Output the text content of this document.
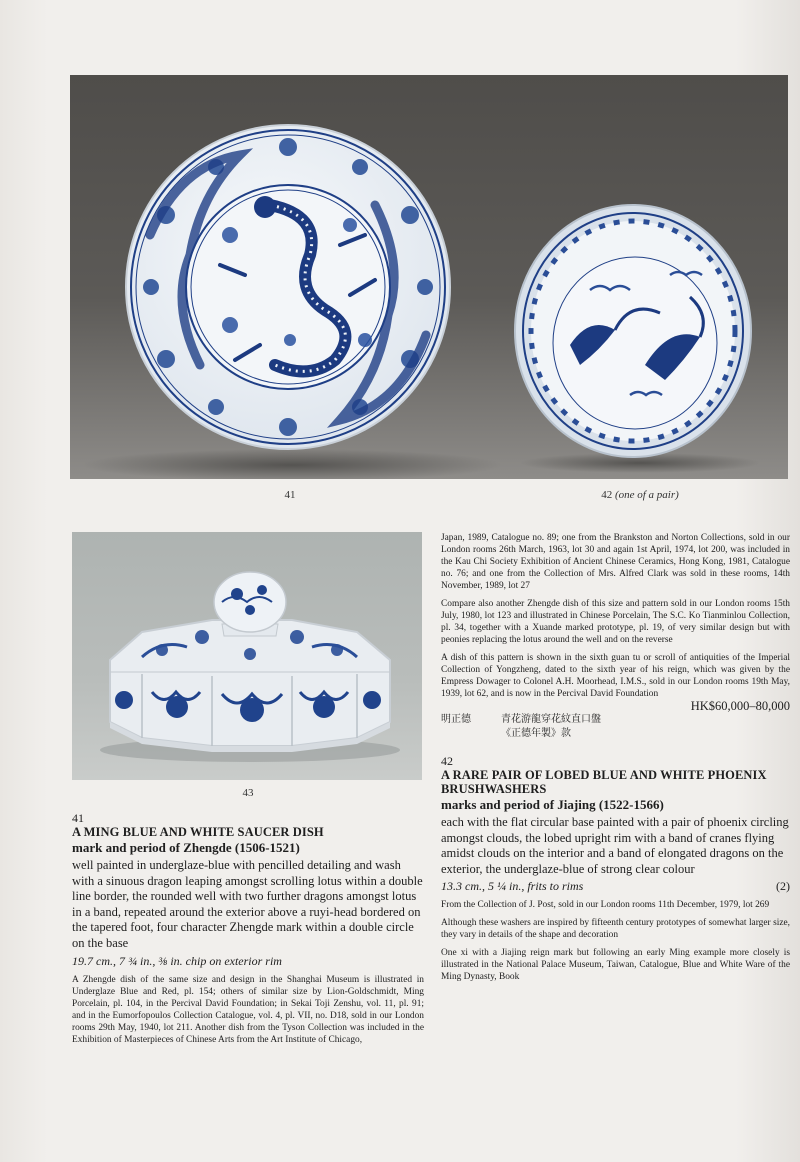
41	42 (one of a pair)
43
41
A MING BLUE AND WHITE SAUCER DISH
mark and period of Zhengde (1506-1521)
well painted in underglaze-blue with pencilled detailing and wash with a sinuous dragon leaping amongst scrolling lotus within a double line border, the rounded well with two further dragons amongst lotus in a band, repeated around the exterior above a ruyi-head bordered on the tapered foot, four character Zhengde mark within a double circle on the base
19.7 cm., 7 ¾ in., ⅜ in. chip on exterior rim
A Zhengde dish of the same size and design in the Shanghai Museum is illustrated in Underglaze Blue and Red, pl. 154; others of similar size by Lion-Goldschmidt, Ming Porcelain, pl. 104, in the Percival David Foundation; in Sekai Toji Zenshu, vol. 11, pl. 91; and in the Eumorfopoulos Collection Catalogue, vol. 4, pl. VII, no. D18, sold in our London rooms 29th May, 1940, lot 211. Another dish from the Tyson Collection was included in the Exhibition of Masterpieces of Chinese Arts from the Art Institute of Chicago,
Japan, 1989, Catalogue no. 89; one from the Brankston and Norton Collections, sold in our London rooms 26th March, 1963, lot 30 and again 1st April, 1974, lot 200, was included in the Kau Chi Society Exhibition of Ancient Chinese Ceramics, Hong Kong, 1981, Catalogue no. 76; and one from the Collection of Mrs. Alfred Clark was sold in these rooms, 14th November, 1989, lot 27
Compare also another Zhengde dish of this size and pattern sold in our London rooms 15th July, 1980, lot 123 and illustrated in Chinese Porcelain, The S.C. Ko Tianminlou Collection, pl. 34, together with a Xuande marked prototype, pl. 19, of very similar design but with peonies replacing the lotus around the well and on the reverse
A dish of this pattern is shown in the sixth guan tu or scroll of antiquities of the Imperial Collection of Yongzheng, dated to the sixth year of his reign, which was given by the Empress Dowager to Colonel A.H. Moorhead, I.M.S., sold in our London rooms 19th May, 1939, lot 62, and is now in the Percival David Foundation
HK$60,000–80,000
明正德	青花游龍穿花紋直口盤
《正德年製》款
42
A RARE PAIR OF LOBED BLUE AND WHITE PHOENIX BRUSHWASHERS
marks and period of Jiajing (1522-1566)
each with the flat circular base painted with a pair of phoenix circling amongst clouds, the lobed upright rim with a band of cranes flying amidst clouds on the interior and a band of elongated dragons on the exterior, the underglaze-blue of strong clear colour
13.3 cm., 5 ¼ in., frits to rims	(2)
From the Collection of J. Post, sold in our London rooms 11th December, 1979, lot 269
Although these washers are inspired by fifteenth century prototypes of somewhat larger size, they vary in details of the shape and decoration
One xi with a Jiajing reign mark but following an early Ming example more closely is illustrated in the National Palace Museum, Taiwan, Catalogue, Blue and White Ware of the Ming Dynasty, Book
